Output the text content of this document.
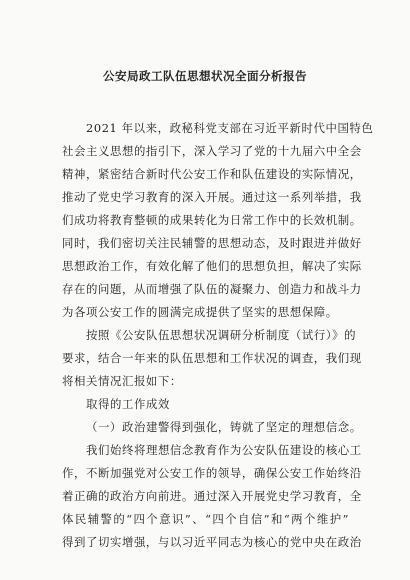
公安局政工队伍思想状况全面分析报告
2021 年以来，政秘科党支部在习近平新时代中国特色
社会主义思想的指引下，深入学习了党的十九届六中全会
精神，紧密结合新时代公安工作和队伍建设的实际情况，
推动了党史学习教育的深入开展。通过这一系列举措，我
们成功将教育整顿的成果转化为日常工作中的长效机制。
同时，我们密切关注民辅警的思想动态，及时跟进并做好
思想政治工作，有效化解了他们的思想负担，解决了实际
存在的问题，从而增强了队伍的凝聚力、创造力和战斗力
为各项公安工作的圆满完成提供了坚实的思想保障。
按照《公安队伍思想状况调研分析制度（试行）》的
要求，结合一年来的队伍思想和工作状况的调查，我们现
将相关情况汇报如下：
取得的工作成效
（一）政治建警得到强化，铸就了坚定的理想信念。
我们始终将理想信念教育作为公安队伍建设的核心工
作，不断加强党对公安工作的领导，确保公安工作始终沿
着正确的政治方向前进。通过深入开展党史学习教育，全
体民辅警的“四个意识”、“四个自信”和“两个维护”
得到了切实增强，与以习近平同志为核心的党中央在政治
